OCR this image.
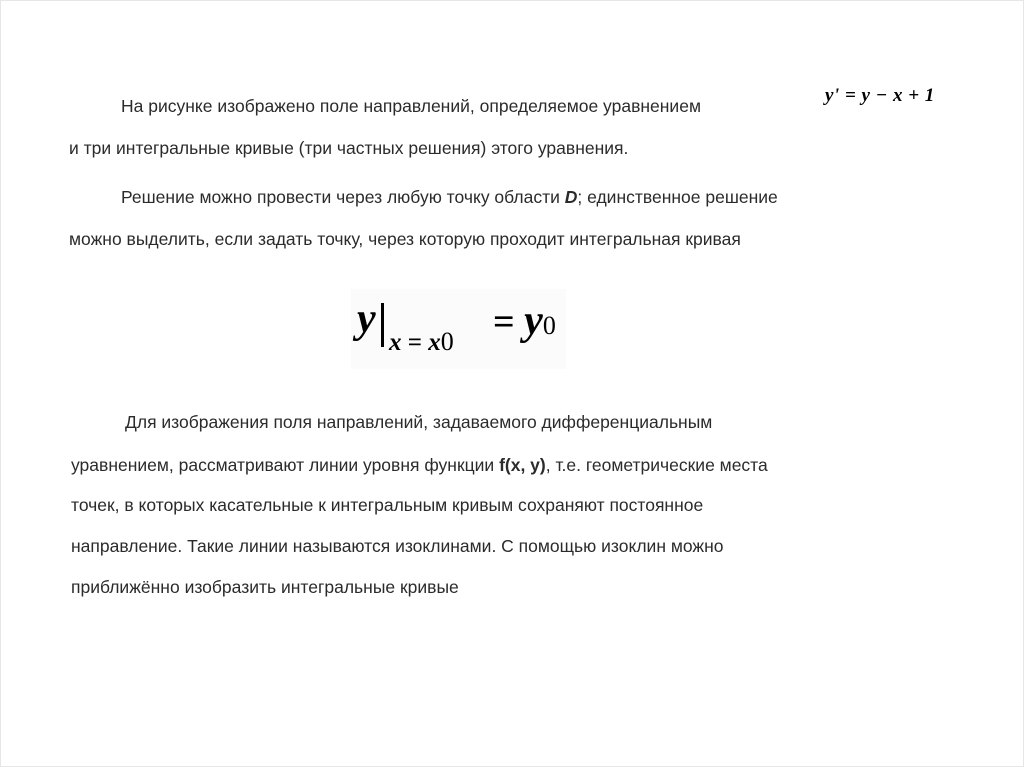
На рисунке изображено поле направлений, определяемое уравнением	y' = y − x + 1
и три интегральные кривые (три частных решения) этого уравнения.
Решение можно провести через любую точку области D; единственное решение
можно выделить, если задать точку, через которую проходит интегральная кривая
y
x = x0 = y0
Для изображения поля направлений, задаваемого дифференциальным
уравнением, рассматривают линии уровня функции f(x, y), т.е. геометрические места
точек, в которых касательные к интегральным кривым сохраняют постоянное
направление. Такие линии называются изоклинами. С помощью изоклин можно
приближённо изобразить интегральные кривые
